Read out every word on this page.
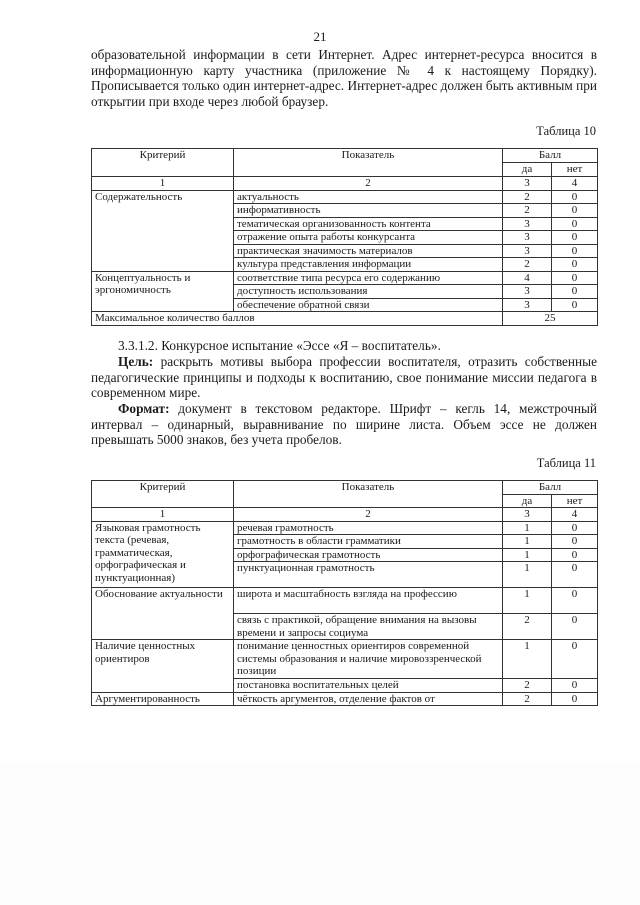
21

образовательной информации в сети Интернет. Адрес интернет-ресурса вносится в информационную карту участника (приложение № 4 к настоящему Порядку). Прописывается только один интернет-адрес. Интернет-адрес должен быть активным при открытии при входе через любой браузер.

Таблица 10
Критерий	Показатель	Балл	
		да	нет
1	2	3	4
Содержательность	актуальность	2	0
	информативность	2	0
	тематическая организованность контента	3	0
	отражение опыта работы конкурсанта	3	0
	практическая значимость материалов	3	0
	культура представления информации	2	0
Концептуальность и эргономичность	соответствие типа ресурса его содержанию	4	0
	доступность использования	3	0
	обеспечение обратной связи	3	0
Максимальное количество баллов		25	

3.3.1.2. Конкурсное испытание «Эссе «Я – воспитатель».

Цель: раскрыть мотивы выбора профессии воспитателя, отразить собственные педагогические принципы и подходы к воспитанию, свое понимание миссии педагога в современном мире.

Формат: документ в текстовом редакторе. Шрифт – кегль 14, межстрочный интервал – одинарный, выравнивание по ширине листа. Объем эссе не должен превышать 5000 знаков, без учета пробелов.

Таблица 11
Критерий	Показатель	Балл	
		да	нет
1	2	3	4
Языковая грамотность текста (речевая, грамматическая, орфографическая и пунктуационная)	речевая грамотность	1	0
	грамотность в области грамматики	1	0
	орфографическая грамотность	1	0
	пунктуационная грамотность	1	0
Обоснование актуальности	широта и масштабность взгляда на профессию	1	0
	связь с практикой, обращение внимания на вызовы времени и запросы социума	2	0
Наличие ценностных ориентиров	понимание ценностных ориентиров современной системы образования и наличие мировоззренческой позиции	1	0
	постановка воспитательных целей	2	0
Аргументированность	чёткость аргументов, отделение фактов от	2	0
